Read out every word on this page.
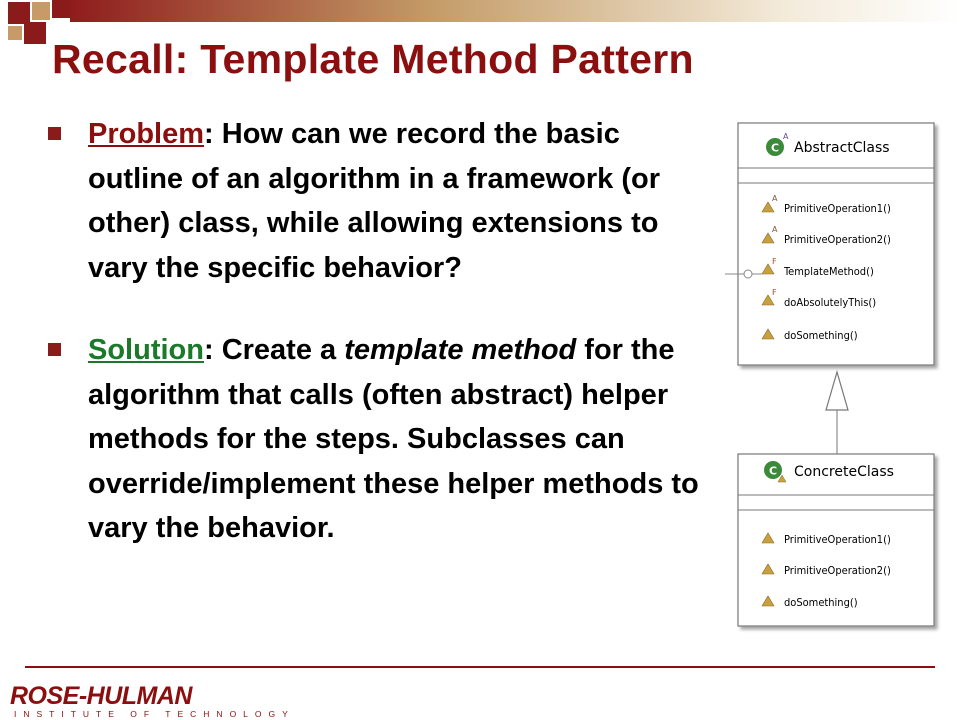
Recall: Template Method Pattern
Problem: How can we record the basic outline of an algorithm in a framework (or other) class, while allowing extensions to vary the specific behavior?
Solution: Create a template method for the algorithm that calls (often abstract) helper methods for the steps. Subclasses can override/implement these helper methods to vary the behavior.
C
A
AbstractClass
A
PrimitiveOperation1()
A
PrimitiveOperation2()
F
TemplateMethod()
F
doAbsolutelyThis()
doSomething()
C ConcreteClass
PrimitiveOperation1()
PrimitiveOperation2()
doSomething()
ROSE-HULMAN
INSTITUTE OF TECHNOLOGY
